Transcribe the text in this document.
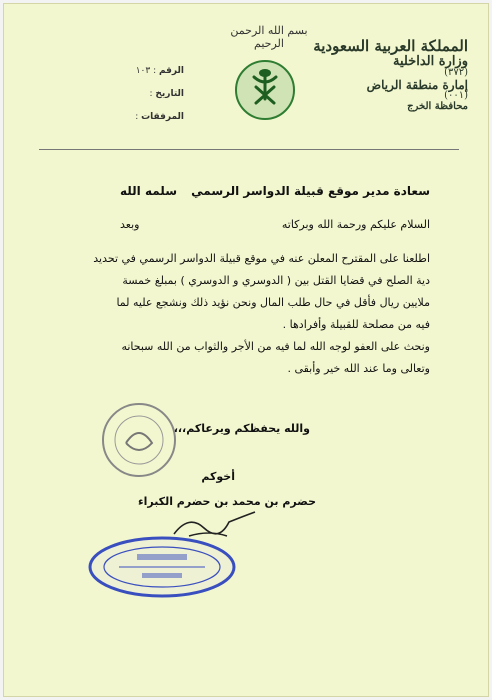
بسم الله الرحمن الرحيم	المملكة العربية السعودية
وزارة الداخلية
(٣٧٢)
إمارة منطقة الرياض
(٠٠١)
محافظة الخرج
الرقم : ١٠٣
التاريخ :
المرفقات :
سعادة مدير موقع قبيلة الدواسر الرسمي
سلمه الله
السلام عليكم ورحمة الله وبركاته
وبعد
اطلعنا على المقترح المعلن عنه في موقع قبيلة الدواسر الرسمي في تحديد
دية الصلح في قضايا القتل بين ( الدوسري و الدوسري ) بمبلغ خمسة
ملايين ريال فأقل في حال طلب المال ونحن نؤيد ذلك ونشجع عليه لما
فيه من مصلحة للقبيلة وأفرادها .
ونحث على العفو لوجه الله لما فيه من الأجر والثواب من الله سبحانه
وتعالى وما عند الله خير وأبقى .
والله يحفظكم ويرعاكم،،،
أخوكم
حضرم بن محمد بن حضرم الكبراء
